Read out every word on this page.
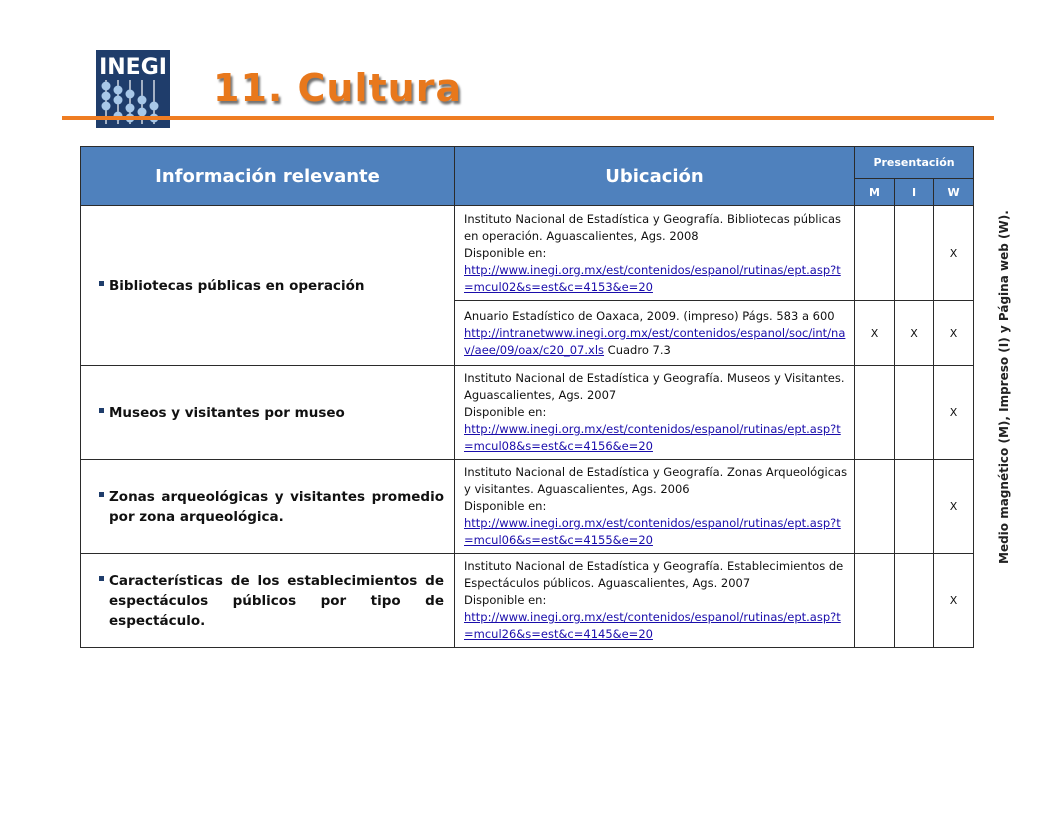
INEGI 11. Cultura
Información relevante	Ubicación	Presentación		
		M	I	W

Bibliotecas públicas en operación	Instituto Nacional de Estadística y Geografía. Bibliotecas públicas en operación. Aguascalientes, Ags. 2008
Disponible en:
http://www.inegi.org.mx/est/contenidos/espanol/rutinas/ept.asp?t=mcul02&s=est&c=4153&e=20			X
	Anuario Estadístico de Oaxaca, 2009. (impreso) Págs. 583 a 600
http://intranetwww.inegi.org.mx/est/contenidos/espanol/soc/int/nav/aee/09/oax/c20_07.xls Cuadro 7.3	X	X	X

Museos y visitantes por museo	Instituto Nacional de Estadística y Geografía. Museos y Visitantes. Aguascalientes, Ags. 2007
Disponible en:
http://www.inegi.org.mx/est/contenidos/espanol/rutinas/ept.asp?t=mcul08&s=est&c=4156&e=20			X

Zonas arqueológicas y visitantes promedio por zona arqueológica.	Instituto Nacional de Estadística y Geografía. Zonas Arqueológicas y visitantes. Aguascalientes, Ags. 2006
Disponible en:
http://www.inegi.org.mx/est/contenidos/espanol/rutinas/ept.asp?t=mcul06&s=est&c=4155&e=20			X

Características de los establecimientos de espectáculos públicos por tipo de espectáculo.	Instituto Nacional de Estadística y Geografía. Establecimientos de Espectáculos públicos. Aguascalientes, Ags. 2007
Disponible en:
http://www.inegi.org.mx/est/contenidos/espanol/rutinas/ept.asp?t=mcul26&s=est&c=4145&e=20			X
Medio magnético (M), Impreso (I) y Página web (W).
